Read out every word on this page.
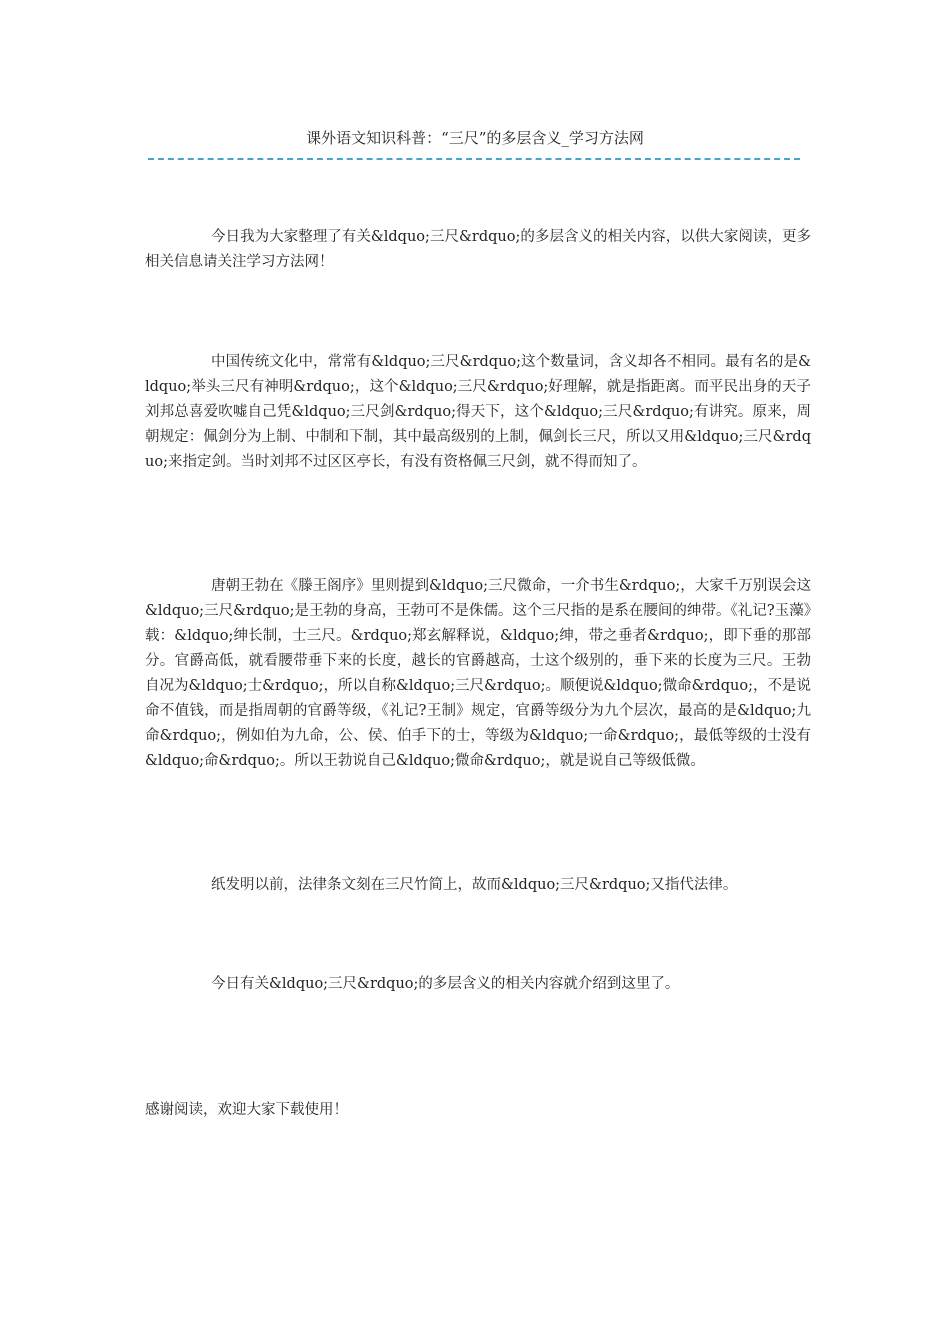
课外语文知识科普：“三尺”的多层含义_学习方法网

今日我为大家整理了有关&ldquo;三尺&rdquo;的多层含义的相关内容，以供大家阅读，更多相关信息请关注学习方法网！

中国传统文化中，常常有&ldquo;三尺&rdquo;这个数量词，含义却各不相同。最有名的是&ldquo;举头三尺有神明&rdquo;，这个&ldquo;三尺&rdquo;好理解，就是指距离。而平民出身的天子刘邦总喜爱吹嘘自己凭&ldquo;三尺剑&rdquo;得天下，这个&ldquo;三尺&rdquo;有讲究。原来，周朝规定：佩剑分为上制、中制和下制，其中最高级别的上制，佩剑长三尺，所以又用&ldquo;三尺&rdquo;来指定剑。当时刘邦不过区区亭长，有没有资格佩三尺剑，就不得而知了。

唐朝王勃在《滕王阁序》里则提到&ldquo;三尺微命，一介书生&rdquo;，大家千万别误会这&ldquo;三尺&rdquo;是王勃的身高，王勃可不是侏儒。这个三尺指的是系在腰间的绅带。《礼记?玉藻》载：&ldquo;绅长制，士三尺。&rdquo;郑玄解释说，&ldquo;绅，带之垂者&rdquo;，即下垂的那部分。官爵高低，就看腰带垂下来的长度，越长的官爵越高，士这个级别的，垂下来的长度为三尺。王勃自况为&ldquo;士&rdquo;，所以自称&ldquo;三尺&rdquo;。顺便说&ldquo;微命&rdquo;，不是说命不值钱，而是指周朝的官爵等级，《礼记?王制》规定，官爵等级分为九个层次，最高的是&ldquo;九命&rdquo;，例如伯为九命，公、侯、伯手下的士，等级为&ldquo;一命&rdquo;，最低等级的士没有&ldquo;命&rdquo;。所以王勃说自己&ldquo;微命&rdquo;，就是说自己等级低微。

纸发明以前，法律条文刻在三尺竹简上，故而&ldquo;三尺&rdquo;又指代法律。

今日有关&ldquo;三尺&rdquo;的多层含义的相关内容就介绍到这里了。

感谢阅读，欢迎大家下载使用！
